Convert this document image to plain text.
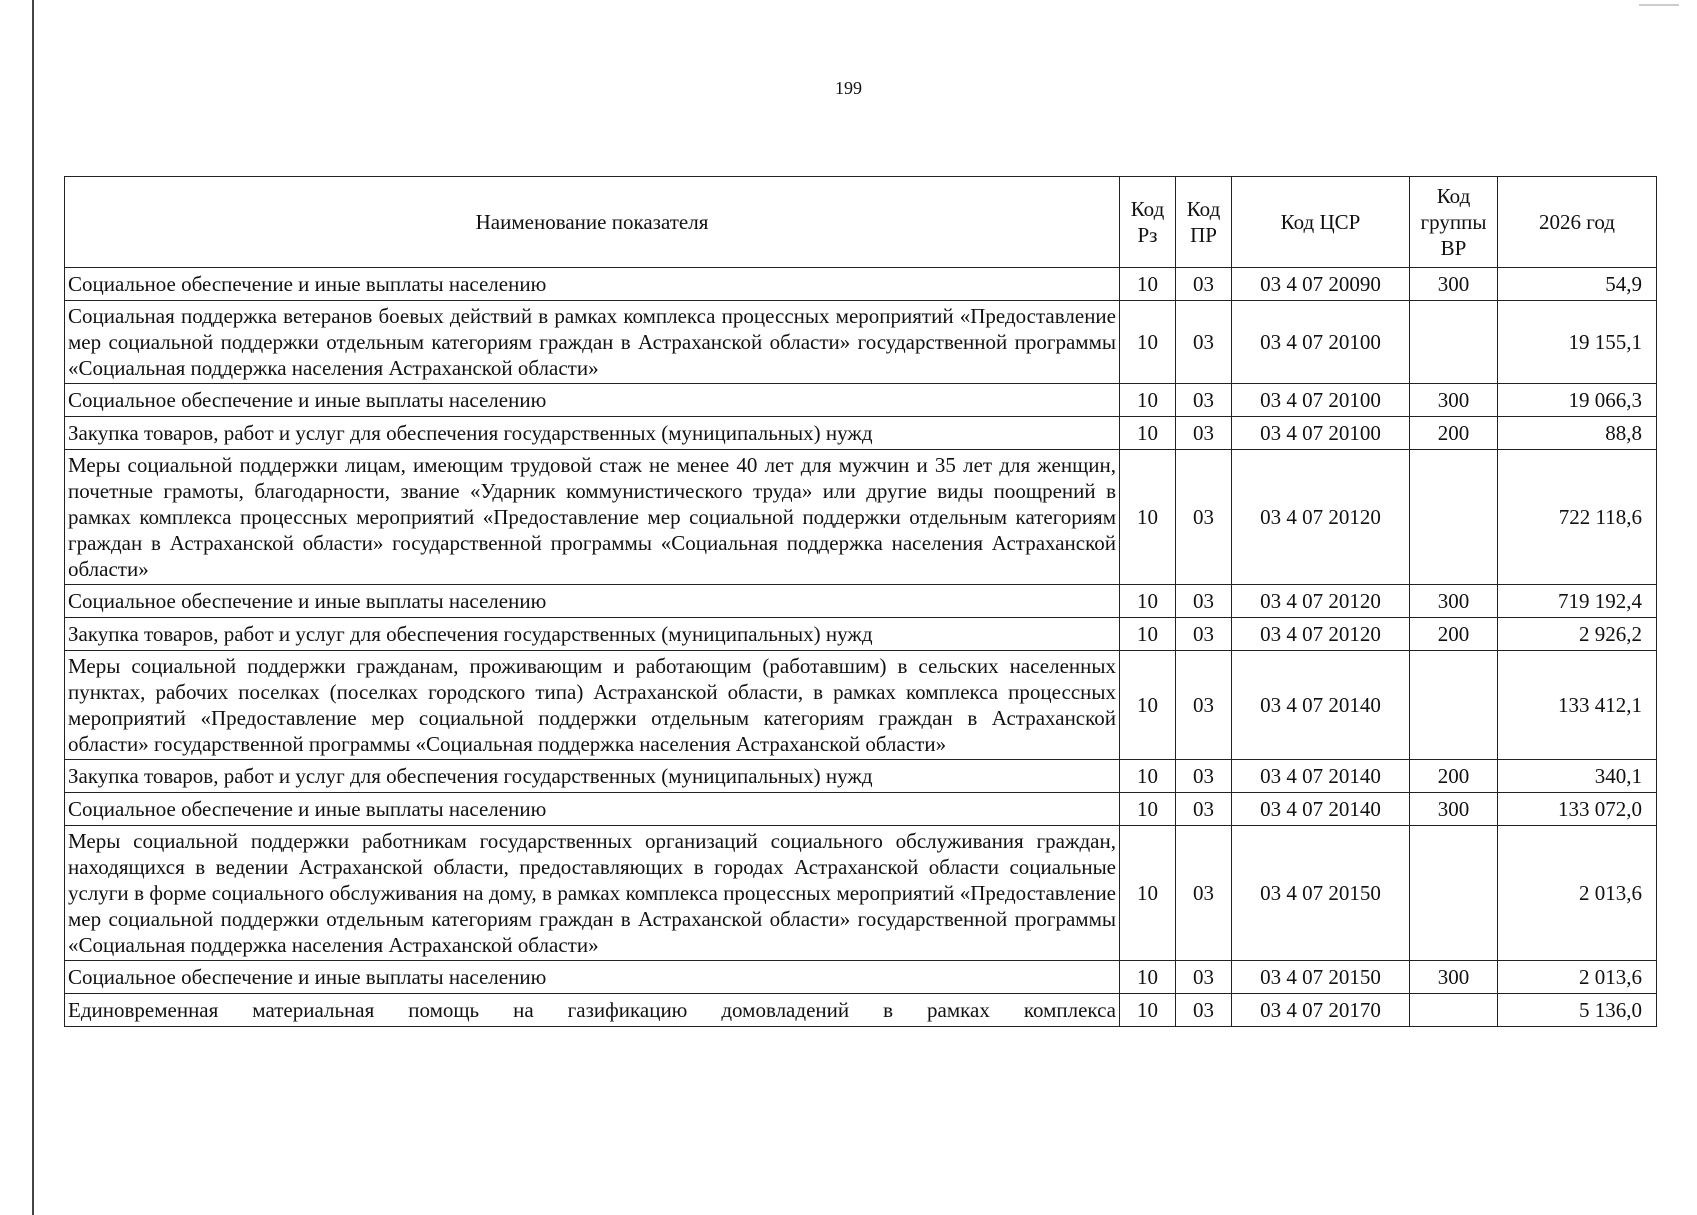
199
Наименование показателя	Код Рз	Код ПР	Код ЦСР	Код группы ВР	2026 год
Социальное обеспечение и иные выплаты населению	10	03	03 4 07 20090	300	54,9
Социальная поддержка ветеранов боевых действий в рамках комплекса процессных мероприятий «Предоставление мер социальной поддержки отдельным категориям граждан в Астраханской области» государственной программы «Социальная поддержка населения Астраханской области»	10	03	03 4 07 20100		19 155,1
Социальное обеспечение и иные выплаты населению	10	03	03 4 07 20100	300	19 066,3
Закупка товаров, работ и услуг для обеспечения государственных (муниципальных) нужд	10	03	03 4 07 20100	200	88,8
Меры социальной поддержки лицам, имеющим трудовой стаж не менее 40 лет для мужчин и 35 лет для женщин, почетные грамоты, благодарности, звание «Ударник коммунистического труда» или другие виды поощрений в рамках комплекса процессных мероприятий «Предоставление мер социальной поддержки отдельным категориям граждан в Астраханской области» государственной программы «Социальная поддержка населения Астраханской области»	10	03	03 4 07 20120		722 118,6
Социальное обеспечение и иные выплаты населению	10	03	03 4 07 20120	300	719 192,4
Закупка товаров, работ и услуг для обеспечения государственных (муниципальных) нужд	10	03	03 4 07 20120	200	2 926,2
Меры социальной поддержки гражданам, проживающим и работающим (работавшим) в сельских населенных пунктах, рабочих поселках (поселках городского типа) Астраханской области, в рамках комплекса процессных мероприятий «Предоставление мер социальной поддержки отдельным категориям граждан в Астраханской области» государственной программы «Социальная поддержка населения Астраханской области»	10	03	03 4 07 20140		133 412,1
Закупка товаров, работ и услуг для обеспечения государственных (муниципальных) нужд	10	03	03 4 07 20140	200	340,1
Социальное обеспечение и иные выплаты населению	10	03	03 4 07 20140	300	133 072,0
Меры социальной поддержки работникам государственных организаций социального обслуживания граждан, находящихся в ведении Астраханской области, предоставляющих в городах Астраханской области социальные услуги в форме социального обслуживания на дому, в рамках комплекса процессных мероприятий «Предоставление мер социальной поддержки отдельным категориям граждан в Астраханской области» государственной программы «Социальная поддержка населения Астраханской области»	10	03	03 4 07 20150		2 013,6
Социальное обеспечение и иные выплаты населению	10	03	03 4 07 20150	300	2 013,6
Единовременная материальная помощь на газификацию домовладений в рамках комплекса	10	03	03 4 07 20170		5 136,0
